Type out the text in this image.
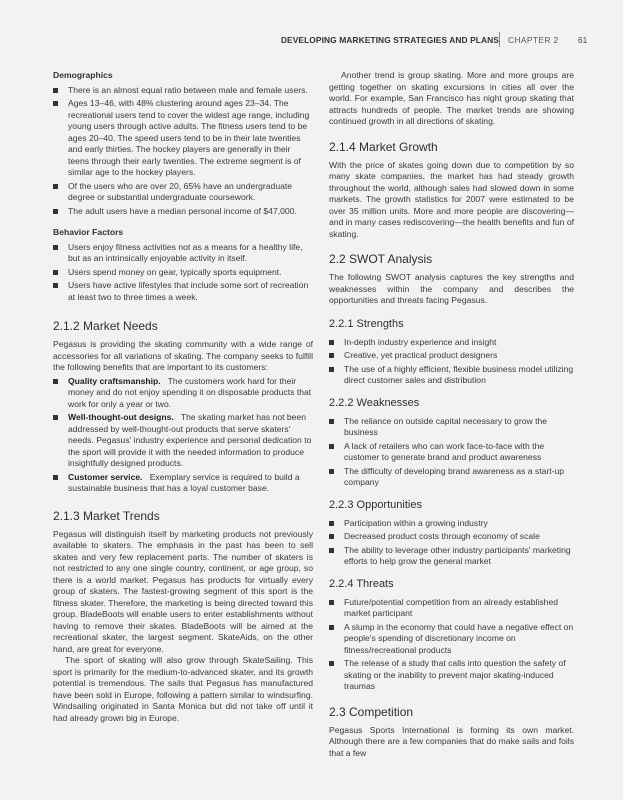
DEVELOPING MARKETING STRATEGIES AND PLANS CHAPTER 2 61
Demographics
There is an almost equal ratio between male and female users.
Ages 13–46, with 48% clustering around ages 23–34. The recreational users tend to cover the widest age range, including young users through active adults. The fitness users tend to be ages 20–40. The speed users tend to be in their late twenties and early thirties. The hockey players are generally in their teens through their early twenties. The extreme segment is of similar age to the hockey players.
Of the users who are over 20, 65% have an undergraduate degree or substantial undergraduate coursework.
The adult users have a median personal income of $47,000.
Behavior Factors
Users enjoy fitness activities not as a means for a healthy life, but as an intrinsically enjoyable activity in itself.
Users spend money on gear, typically sports equipment.
Users have active lifestyles that include some sort of recreation at least two to three times a week.
2.1.2 Market Needs

Pegasus is providing the skating community with a wide range of accessories for all variations of skating. The company seeks to fulfill the following benefits that are important to its customers:

Quality craftsmanship. The customers work hard for their money and do not enjoy spending it on disposable products that work for only a year or two.
Well-thought-out designs. The skating market has not been addressed by well-thought-out products that serve skaters' needs. Pegasus' industry experience and personal dedication to the sport will provide it with the needed information to produce insightfully designed products.
Customer service. Exemplary service is required to build a sustainable business that has a loyal customer base.
2.1.3 Market Trends

Pegasus will distinguish itself by marketing products not previously available to skaters. The emphasis in the past has been to sell skates and very few replacement parts. The number of skaters is not restricted to any one single country, continent, or age group, so there is a world market. Pegasus has products for virtually every group of skaters. The fastest-growing segment of this sport is the fitness skater. Therefore, the marketing is being directed toward this group. BladeBoots will enable users to enter establishments without having to remove their skates. BladeBoots will be aimed at the recreational skater, the largest segment. SkateAids, on the other hand, are great for everyone.

The sport of skating will also grow through SkateSailing. This sport is primarily for the medium-to-advanced skater, and its growth potential is tremendous. The sails that Pegasus has manufactured have been sold in Europe, following a pattern similar to windsurfing. Windsailing originated in Santa Monica but did not take off until it had already grown big in Europe.

Another trend is group skating. More and more groups are getting together on skating excursions in cities all over the world. For example, San Francisco has night group skating that attracts hundreds of people. The market trends are showing continued growth in all directions of skating.

2.1.4 Market Growth

With the price of skates going down due to competition by so many skate companies, the market has had steady growth throughout the world, although sales had slowed down in some markets. The growth statistics for 2007 were estimated to be over 35 million units. More and more people are discovering—and in many cases rediscovering—the health benefits and fun of skating.

2.2 SWOT Analysis

The following SWOT analysis captures the key strengths and weaknesses within the company and describes the opportunities and threats facing Pegasus.

2.2.1 Strengths
In-depth industry experience and insight
Creative, yet practical product designers
The use of a highly efficient, flexible business model utilizing direct customer sales and distribution
2.2.2 Weaknesses
The reliance on outside capital necessary to grow the business
A lack of retailers who can work face-to-face with the customer to generate brand and product awareness
The difficulty of developing brand awareness as a start-up company
2.2.3 Opportunities
Participation within a growing industry
Decreased product costs through economy of scale
The ability to leverage other industry participants' marketing efforts to help grow the general market
2.2.4 Threats
Future/potential competition from an already established market participant
A slump in the economy that could have a negative effect on people's spending of discretionary income on fitness/recreational products
The release of a study that calls into question the safety of skating or the inability to prevent major skating-induced traumas
2.3 Competition

Pegasus Sports International is forming its own market. Although there are a few companies that do make sails and foils that a few
